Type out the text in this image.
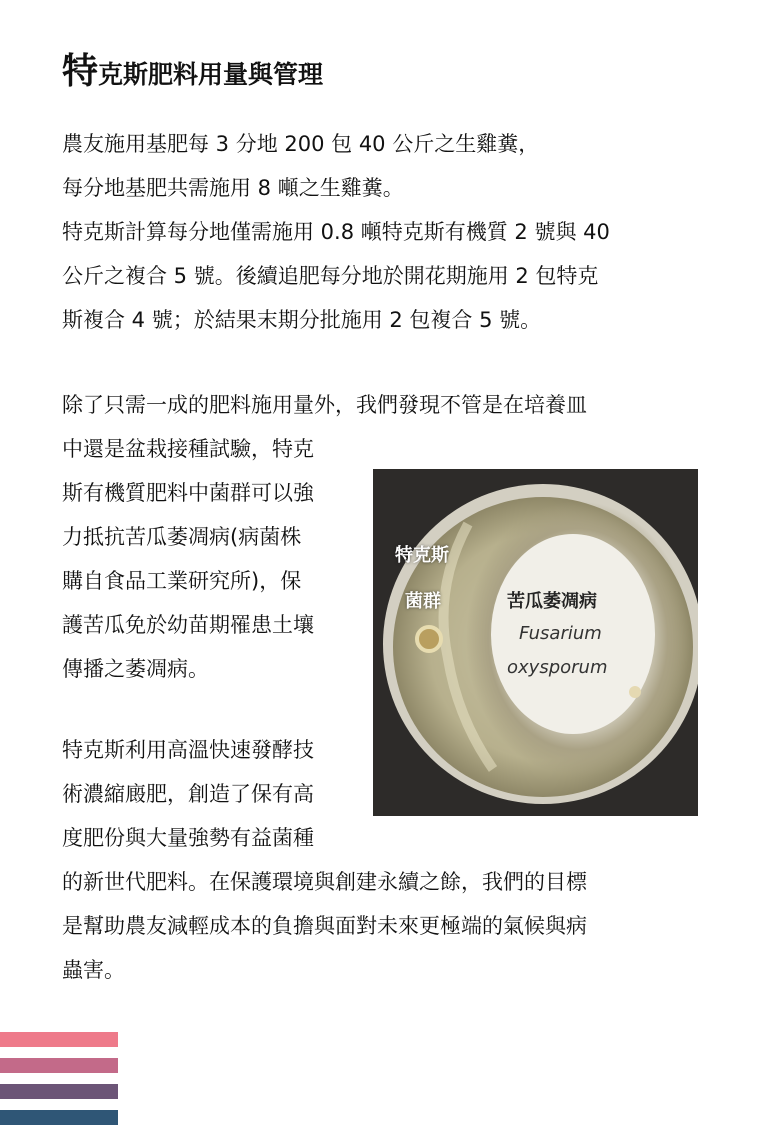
特克斯肥料用量與管理

農友施用基肥每 3 分地 200 包 40 公斤之生雞糞，

每分地基肥共需施用 8 噸之生雞糞。

特克斯計算每分地僅需施用 0.8 噸特克斯有機質 2 號與 40

公斤之複合 5 號。後續追肥每分地於開花期施用 2 包特克

斯複合 4 號；於結果末期分批施用 2 包複合 5 號。

除了只需一成的肥料施用量外，我們發現不管是在培養皿

中還是盆栽接種試驗，特克

斯有機質肥料中菌群可以強

力抵抗苦瓜萎凋病(病菌株

購自食品工業研究所)，保

護苦瓜免於幼苗期罹患土壤

傳播之萎凋病。

特克斯利用高溫快速發酵技

術濃縮廄肥，創造了保有高

度肥份與大量強勢有益菌種

的新世代肥料。在保護環境與創建永續之餘，我們的目標

是幫助農友減輕成本的負擔與面對未來更極端的氣候與病

蟲害。

特克斯
菌群	苦瓜萎凋病
Fusarium
oxysporum
